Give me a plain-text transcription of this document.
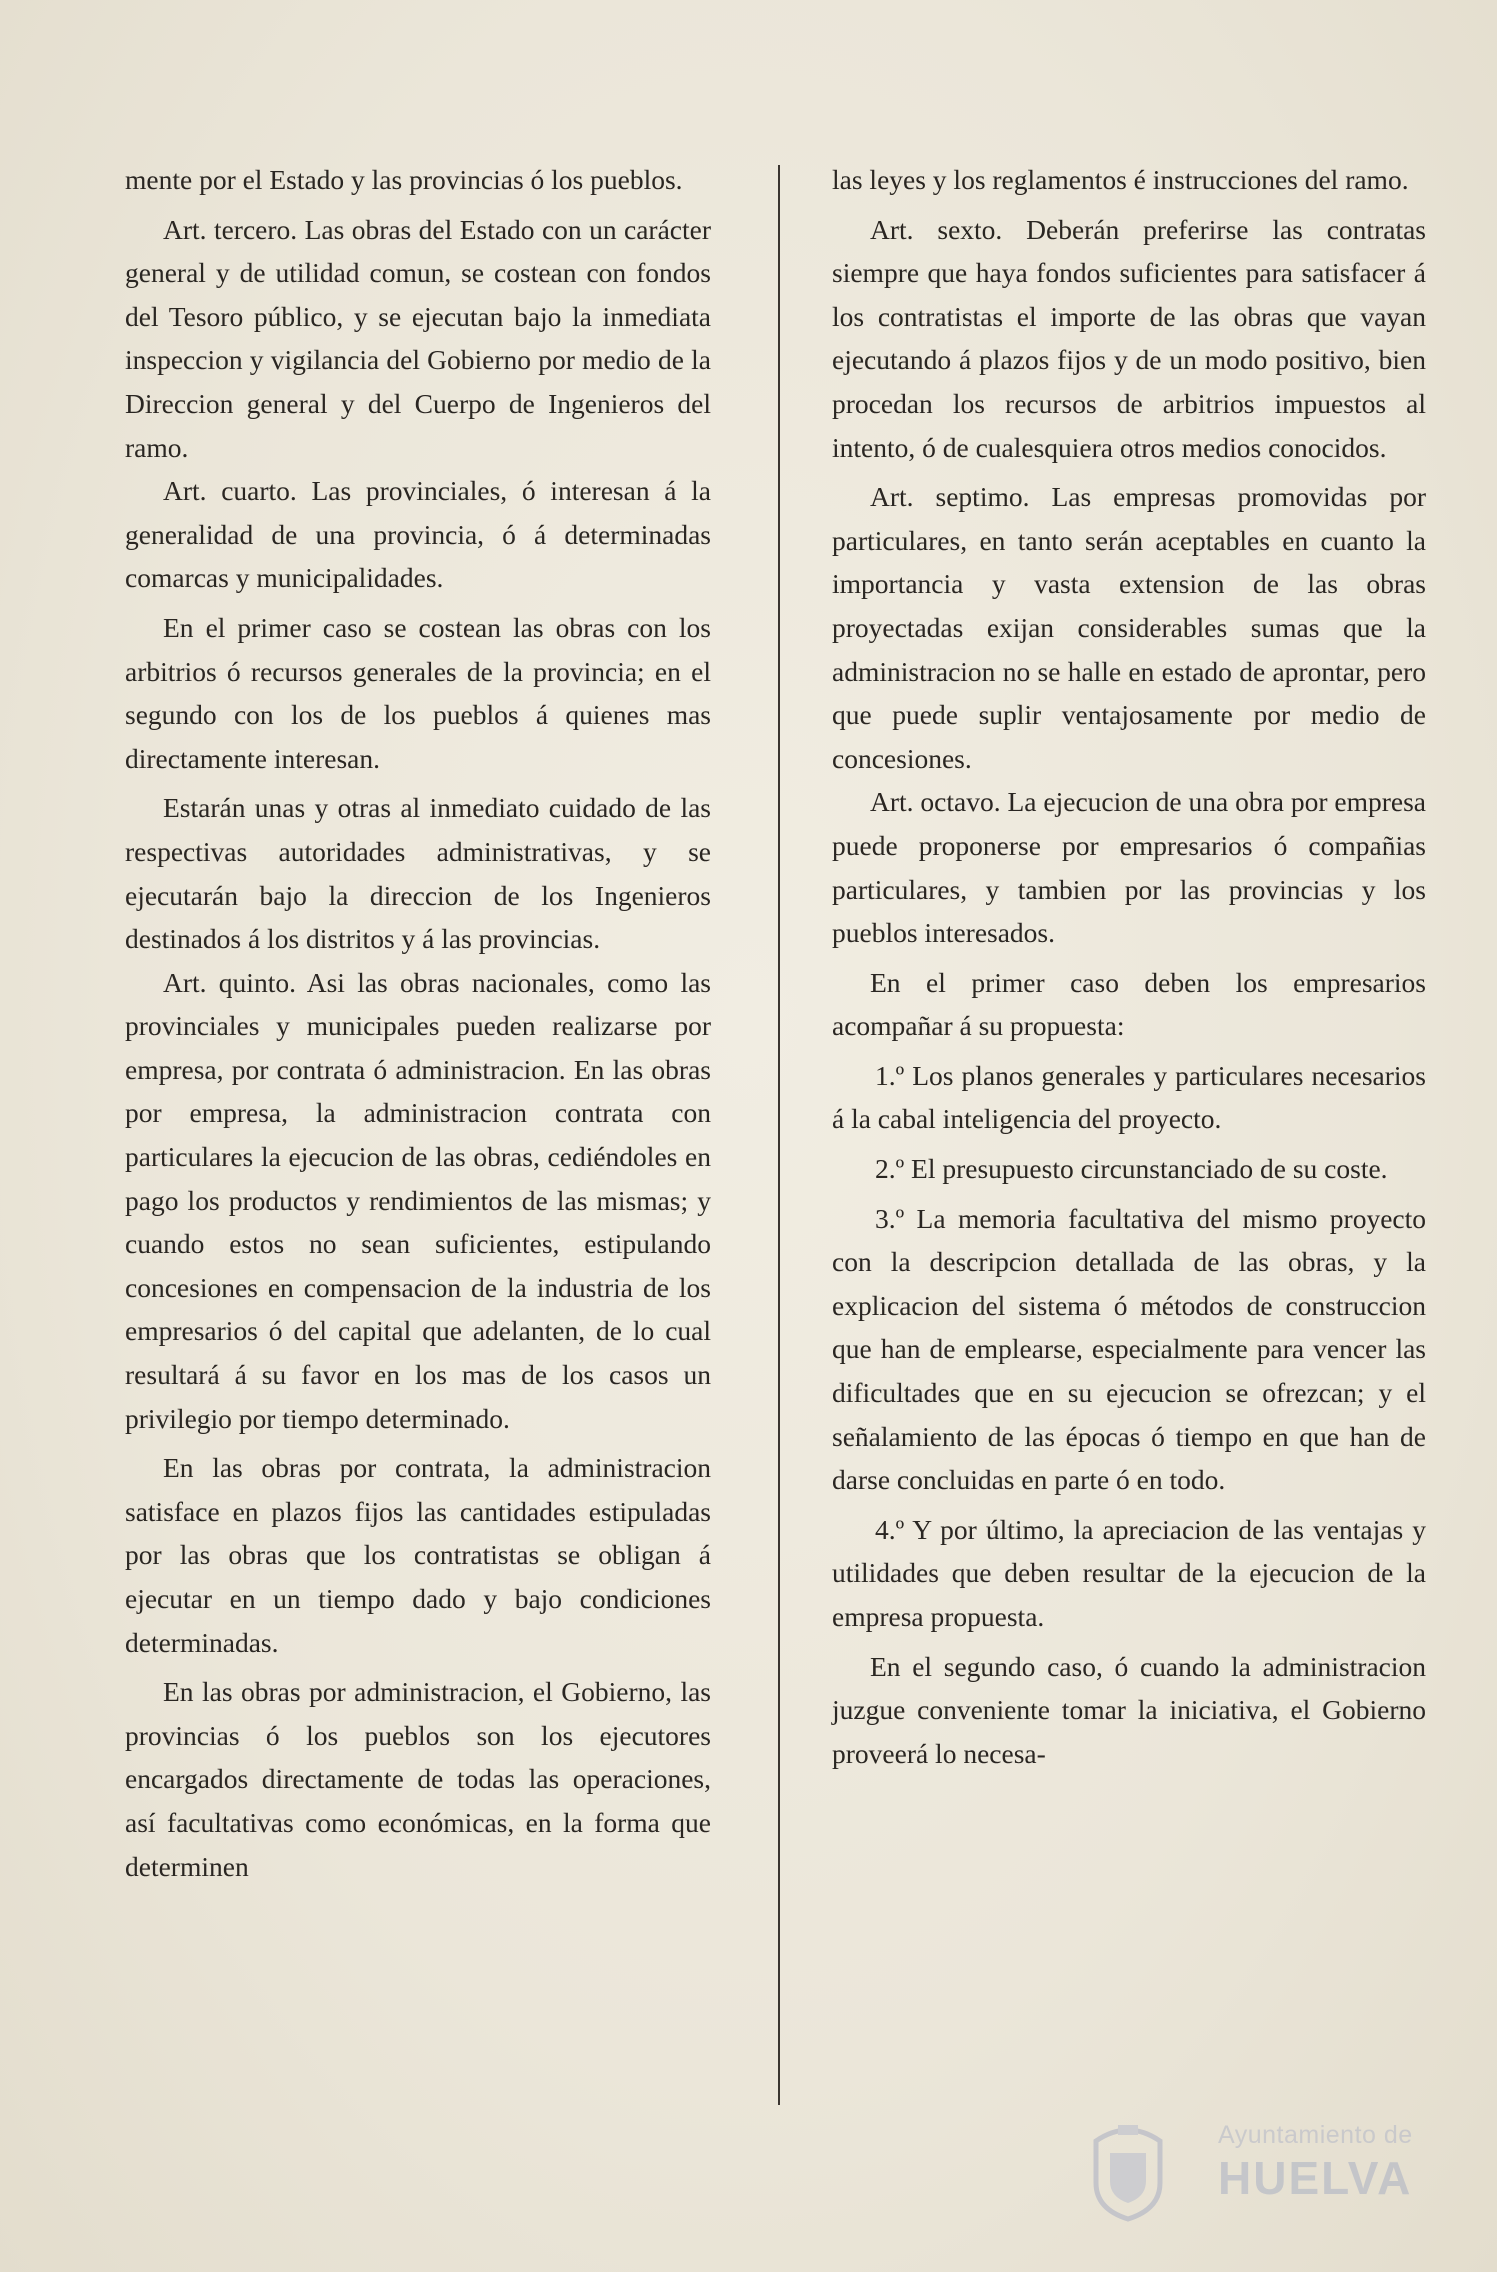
mente por el Estado y las provincias ó los pueblos.

Art. tercero. Las obras del Estado con un carácter general y de utilidad comun, se costean con fondos del Tesoro público, y se ejecutan bajo la inmediata inspeccion y vigilancia del Gobierno por medio de la Direccion general y del Cuerpo de Ingenieros del ramo.

Art. cuarto. Las provinciales, ó interesan á la generalidad de una provincia, ó á determinadas comarcas y municipalidades.

En el primer caso se costean las obras con los arbitrios ó recursos generales de la provincia; en el segundo con los de los pueblos á quienes mas directamente interesan.

Estarán unas y otras al inmediato cuidado de las respectivas autoridades administrativas, y se ejecutarán bajo la direccion de los Ingenieros destinados á los distritos y á las provincias.

Art. quinto. Asi las obras nacionales, como las provinciales y municipales pueden realizarse por empresa, por contrata ó administracion. En las obras por empresa, la administracion contrata con particulares la ejecucion de las obras, cediéndoles en pago los productos y rendimientos de las mismas; y cuando estos no sean suficientes, estipulando concesiones en compensacion de la industria de los empresarios ó del capital que adelanten, de lo cual resultará á su favor en los mas de los casos un privilegio por tiempo determinado.

En las obras por contrata, la administracion satisface en plazos fijos las cantidades estipuladas por las obras que los contratistas se obligan á ejecutar en un tiempo dado y bajo condiciones determinadas.

En las obras por administracion, el Gobierno, las provincias ó los pueblos son los ejecutores encargados directamente de todas las operaciones, así facultativas como económicas, en la forma que determinen

las leyes y los reglamentos é instrucciones del ramo.

Art. sexto. Deberán preferirse las contratas siempre que haya fondos suficientes para satisfacer á los contratistas el importe de las obras que vayan ejecutando á plazos fijos y de un modo positivo, bien procedan los recursos de arbitrios impuestos al intento, ó de cualesquiera otros medios conocidos.

Art. septimo. Las empresas promovidas por particulares, en tanto serán aceptables en cuanto la importancia y vasta extension de las obras proyectadas exijan considerables sumas que la administracion no se halle en estado de aprontar, pero que puede suplir ventajosamente por medio de concesiones.

Art. octavo. La ejecucion de una obra por empresa puede proponerse por empresarios ó compañias particulares, y tambien por las provincias y los pueblos interesados.

En el primer caso deben los empresarios acompañar á su propuesta:

1.º Los planos generales y particulares necesarios á la cabal inteligencia del proyecto.

2.º El presupuesto circunstanciado de su coste.

3.º La memoria facultativa del mismo proyecto con la descripcion detallada de las obras, y la explicacion del sistema ó métodos de construccion que han de emplearse, especialmente para vencer las dificultades que en su ejecucion se ofrezcan; y el señalamiento de las épocas ó tiempo en que han de darse concluidas en parte ó en todo.

4.º Y por último, la apreciacion de las ventajas y utilidades que deben resultar de la ejecucion de la empresa propuesta.

En el segundo caso, ó cuando la administracion juzgue conveniente tomar la iniciativa, el Gobierno proveerá lo necesa-

Ayuntamiento de
HUELVA
